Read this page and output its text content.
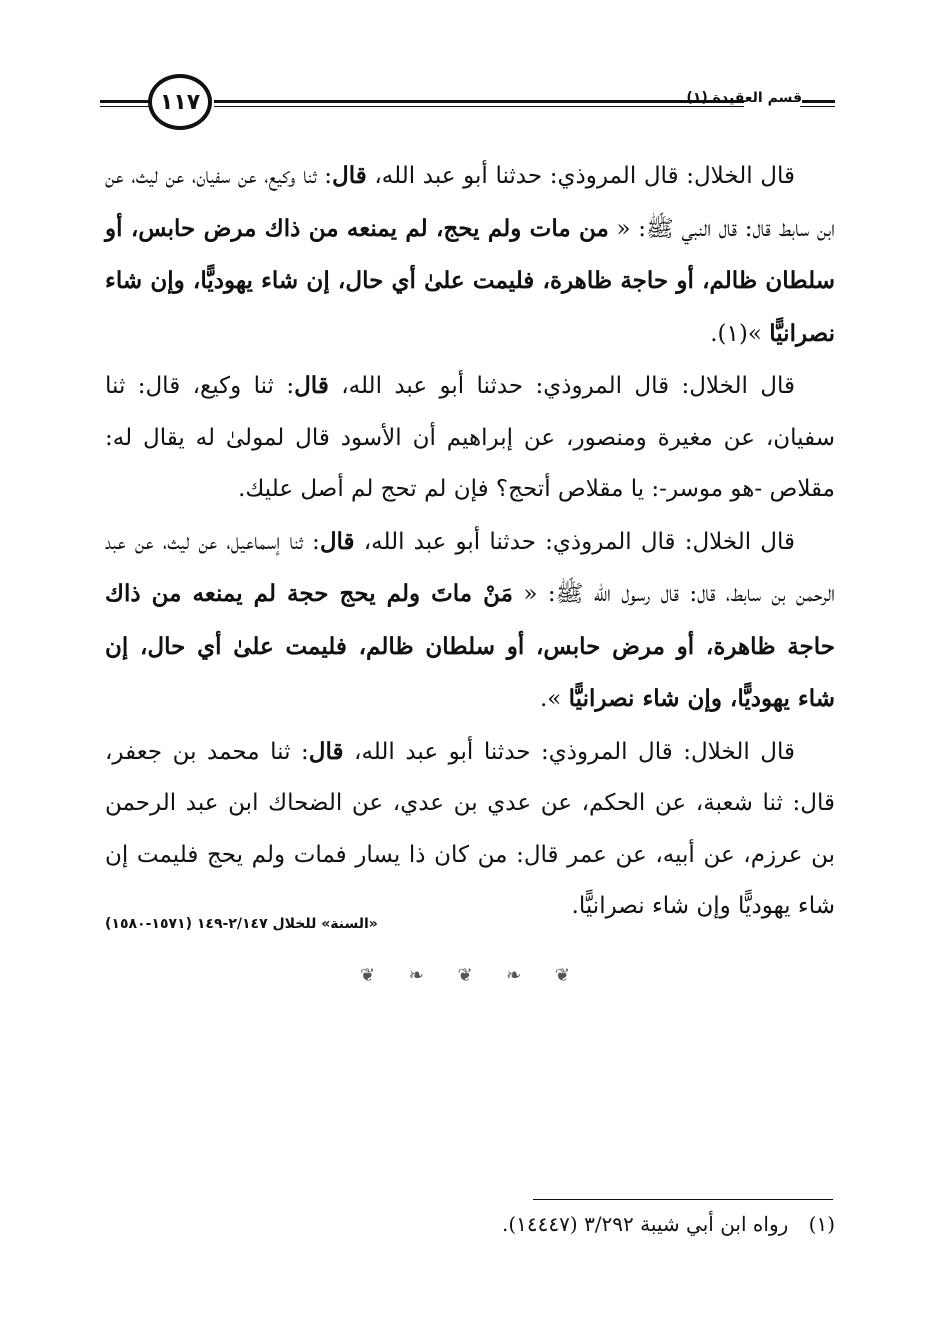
١١٧	قسم العقيدة (١)

قال الخلال: قال المروذي: حدثنا أبو عبد الله، قال: ثنا وكيع، عن سفيان، عن ليث، عن ابن سابط قال: قال النبي ﷺ: « من مات ولم يحج، لم يمنعه من ذاك مرض حابس، أو سلطان ظالم، أو حاجة ظاهرة، فليمت علىٰ أي حال، إن شاء يهوديًّا، وإن شاء نصرانيًّا »(١).

قال الخلال: قال المروذي: حدثنا أبو عبد الله، قال: ثنا وكيع، قال: ثنا سفيان، عن مغيرة ومنصور، عن إبراهيم أن الأسود قال لمولىٰ له يقال له: مقلاص -هو موسر-: يا مقلاص أتحج؟ فإن لم تحج لم أصل عليك.

قال الخلال: قال المروذي: حدثنا أبو عبد الله، قال: ثنا إسماعيل، عن ليث، عن عبد الرحمن بن سابط، قال: قال رسول الله ﷺ: « مَنْ ماتَ ولم يحج حجة لم يمنعه من ذاك حاجة ظاهرة، أو مرض حابس، أو سلطان ظالم، فليمت علىٰ أي حال، إن شاء يهوديًّا، وإن شاء نصرانيًّا ».

قال الخلال: قال المروذي: حدثنا أبو عبد الله، قال: ثنا محمد بن جعفر، قال: ثنا شعبة، عن الحكم، عن عدي بن عدي، عن الضحاك ابن عبد الرحمن بن عرزم، عن أبيه، عن عمر قال: من كان ذا يسار فمات ولم يحج فليمت إن شاء يهوديًّا وإن شاء نصرانيًّا.

«السنة» للخلال ٢/١٤٧-١٤٩ (١٥٧١-١٥٨٠)
❦ ❧ ❦ ❧ ❦
(١) رواه ابن أبي شيبة ٣/٢٩٢ (١٤٤٤٧).
